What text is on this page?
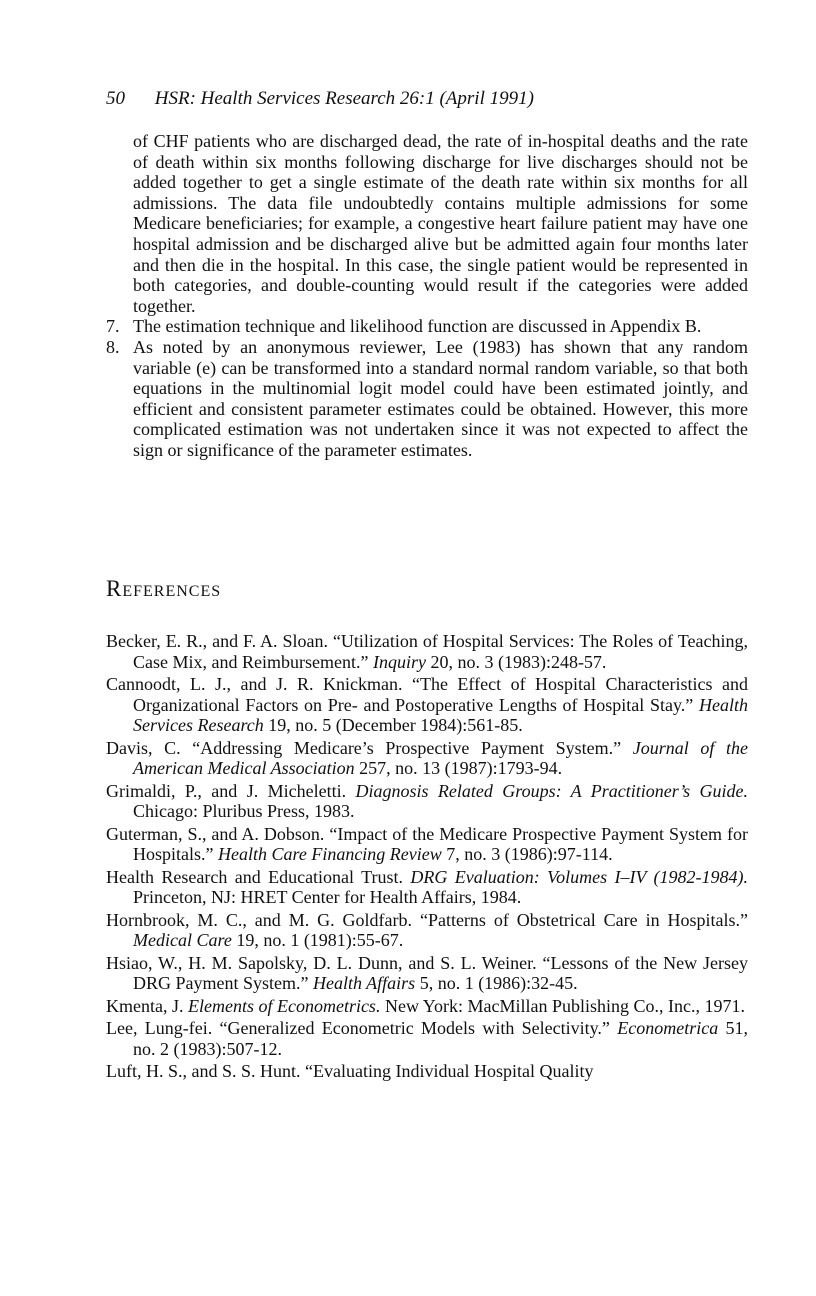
50 HSR: Health Services Research 26:1 (April 1991)

of CHF patients who are discharged dead, the rate of in-hospital deaths and the rate of death within six months following discharge for live discharges should not be added together to get a single estimate of the death rate within six months for all admissions. The data file undoubtedly contains multiple admissions for some Medicare beneficiaries; for example, a congestive heart failure patient may have one hospital admission and be discharged alive but be admitted again four months later and then die in the hospital. In this case, the single patient would be represented in both categories, and double-counting would result if the categories were added together.

7. The estimation technique and likelihood function are discussed in Appendix B.

8. As noted by an anonymous reviewer, Lee (1983) has shown that any random variable (e) can be transformed into a standard normal random variable, so that both equations in the multinomial logit model could have been estimated jointly, and efficient and consistent parameter estimates could be obtained. However, this more complicated estimation was not undertaken since it was not expected to affect the sign or significance of the parameter estimates.

References

Becker, E. R., and F. A. Sloan. “Utilization of Hospital Services: The Roles of Teaching, Case Mix, and Reimbursement.” Inquiry 20, no. 3 (1983):248-57.

Cannoodt, L. J., and J. R. Knickman. “The Effect of Hospital Characteristics and Organizational Factors on Pre- and Postoperative Lengths of Hospital Stay.” Health Services Research 19, no. 5 (December 1984):561-85.

Davis, C. “Addressing Medicare’s Prospective Payment System.” Journal of the American Medical Association 257, no. 13 (1987):1793-94.

Grimaldi, P., and J. Micheletti. Diagnosis Related Groups: A Practitioner’s Guide. Chicago: Pluribus Press, 1983.

Guterman, S., and A. Dobson. “Impact of the Medicare Prospective Payment System for Hospitals.” Health Care Financing Review 7, no. 3 (1986):97-114.

Health Research and Educational Trust. DRG Evaluation: Volumes I–IV (1982-1984). Princeton, NJ: HRET Center for Health Affairs, 1984.

Hornbrook, M. C., and M. G. Goldfarb. “Patterns of Obstetrical Care in Hospitals.” Medical Care 19, no. 1 (1981):55-67.

Hsiao, W., H. M. Sapolsky, D. L. Dunn, and S. L. Weiner. “Lessons of the New Jersey DRG Payment System.” Health Affairs 5, no. 1 (1986):32-45.

Kmenta, J. Elements of Econometrics. New York: MacMillan Publishing Co., Inc., 1971.

Lee, Lung-fei. “Generalized Econometric Models with Selectivity.” Econometrica 51, no. 2 (1983):507-12.

Luft, H. S., and S. S. Hunt. “Evaluating Individual Hospital Quality
